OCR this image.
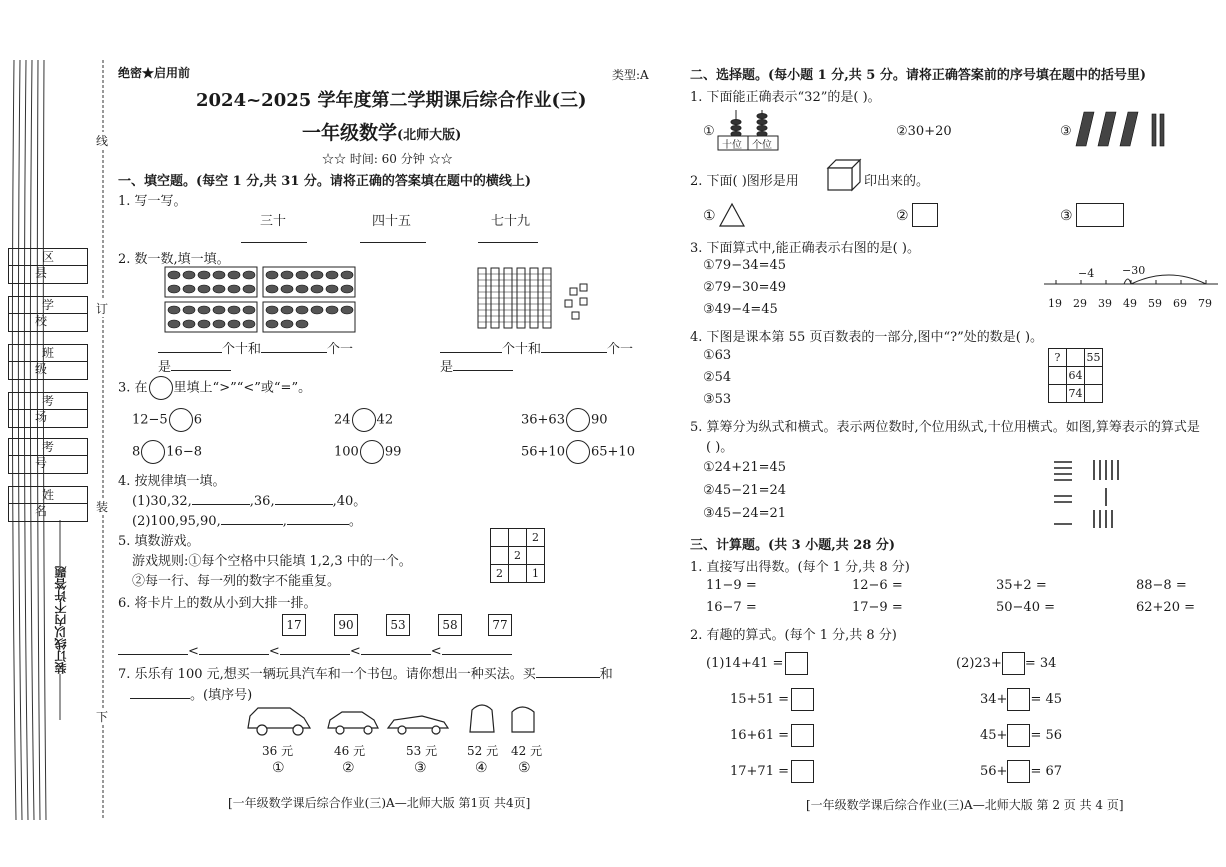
区 县
学 校
班 级
考 场
考 号
姓 名
线
订
装
下
装订线以内不许答题
绝密★启用前	类型:A
2024~2025 学年度第二学期课后综合作业(三)
一年级数学(北师大版)
☆☆ 时间: 60 分钟 ☆☆
一、填空题。(每空 1 分,共 31 分。请将正确的答案填在题中的横线上)
1. 写一写。
三十	四十五	七十九
2. 数一数,填一填。
个十和	个一
是
个十和	个一
是
3. 在 里填上“>”“<”或“=”。
12−5 6	24 42	36+63 90
8 16−8	100 99	56+10 65+10
4. 按规律填一填。
(1)30,32,	,36,	,40。
(2)100,95,90,	,	。
5. 填数游戏。
游戏规则:①每个空格中只能填 1,2,3 中的一个。
②每一行、每一列的数字不能重复。
		2
	2	
2		1
6. 将卡片上的数从小到大排一排。
17	90	53	58	77
<	<	<	<
7. 乐乐有 100 元,想买一辆玩具汽车和一个书包。请你想出一种买法。买	和
。(填序号)
36 元	46 元	53 元 52 元 42 元
①	②	③	④ ⑤
[一年级数学课后综合作业(三)A—北师大版 第1页 共4页]
二、选择题。(每小题 1 分,共 5 分。请将正确答案前的序号填在题中的括号里)
1. 下面能正确表示“32”的是( )。
①
十位 个位
②30+20	③
2. 下面( )图形是用	印出来的。
①	②	③
3. 下面算式中,能正确表示右图的是( )。
①79−34=45
②79−30=49
③49−4=45
−30
−4
19 29 39 49 59 69 79
4. 下图是课本第 55 页百数表的一部分,图中“?”处的数是( )。
①63
②54
③53
?		55
	64	
	74	
5. 算筹分为纵式和横式。表示两位数时,个位用纵式,十位用横式。如图,算筹表示的算式是
( )。
①24+21=45
②45−21=24
③45−24=21
三、计算题。(共 3 小题,共 28 分)
1. 直接写出得数。(每个 1 分,共 8 分)
11−9 =	12−6 =	35+2 =	88−8 =
16−7 =	17−9 =	50−40 =	62+20 =
2. 有趣的算式。(每个 1 分,共 8 分)
(1)14+41 =
15+51 =
16+61 =
17+71 =
(2)23+ = 34
34+ = 45
45+ = 56
56+ = 67
[一年级数学课后综合作业(三)A—北师大版 第 2 页 共 4 页]
